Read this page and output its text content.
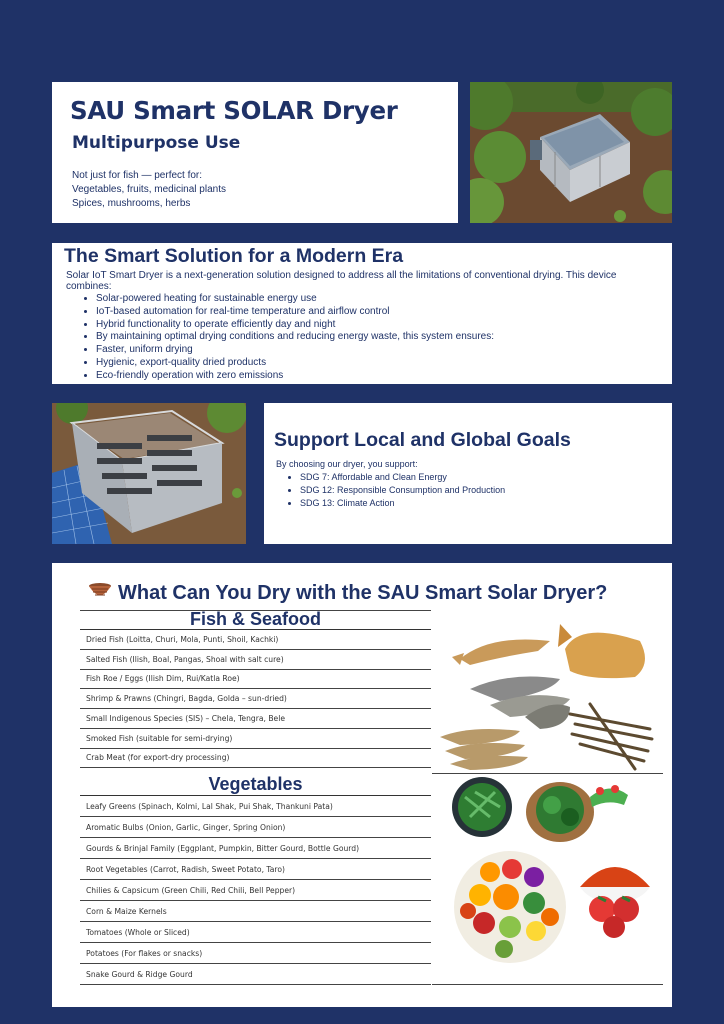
SAU Smart SOLAR Dryer
Multipurpose Use
Not just for fish — perfect for:
Vegetables, fruits, medicinal plants
Spices, mushrooms, herbs
The Smart Solution for a Modern Era

Solar IoT Smart Dryer is a next-generation solution designed to address all the limitations of conventional drying. This device combines:

• Solar-powered heating for sustainable energy use
• IoT-based automation for real-time temperature and airflow control
• Hybrid functionality to operate efficiently day and night
• By maintaining optimal drying conditions and reducing energy waste, this system ensures:
• Faster, uniform drying
• Hygienic, export-quality dried products
• Eco-friendly operation with zero emissions
Support Local and Global Goals

By choosing our dryer, you support:

• SDG 7: Affordable and Clean Energy
• SDG 12: Responsible Consumption and Production
• SDG 13: Climate Action
What Can You Dry with the SAU Smart Solar Dryer?
Fish & Seafood
Dried Fish (Loitta, Churi, Mola, Punti, Shoil, Kachki)
Salted Fish (Ilish, Boal, Pangas, Shoal with salt cure)
Fish Roe / Eggs (Ilish Dim, Rui/Katla Roe)
Shrimp & Prawns (Chingri, Bagda, Golda – sun-dried)
Small Indigenous Species (SIS) – Chela, Tengra, Bele
Smoked Fish (suitable for semi-drying)
Crab Meat (for export-dry processing)
Vegetables
Leafy Greens (Spinach, Kolmi, Lal Shak, Pui Shak, Thankuni Pata)
Aromatic Bulbs (Onion, Garlic, Ginger, Spring Onion)
Gourds & Brinjal Family (Eggplant, Pumpkin, Bitter Gourd, Bottle Gourd)
Root Vegetables (Carrot, Radish, Sweet Potato, Taro)
Chilies & Capsicum (Green Chili, Red Chili, Bell Pepper)
Corn & Maize Kernels
Tomatoes (Whole or Sliced)
Potatoes (For flakes or snacks)
Snake Gourd & Ridge Gourd
